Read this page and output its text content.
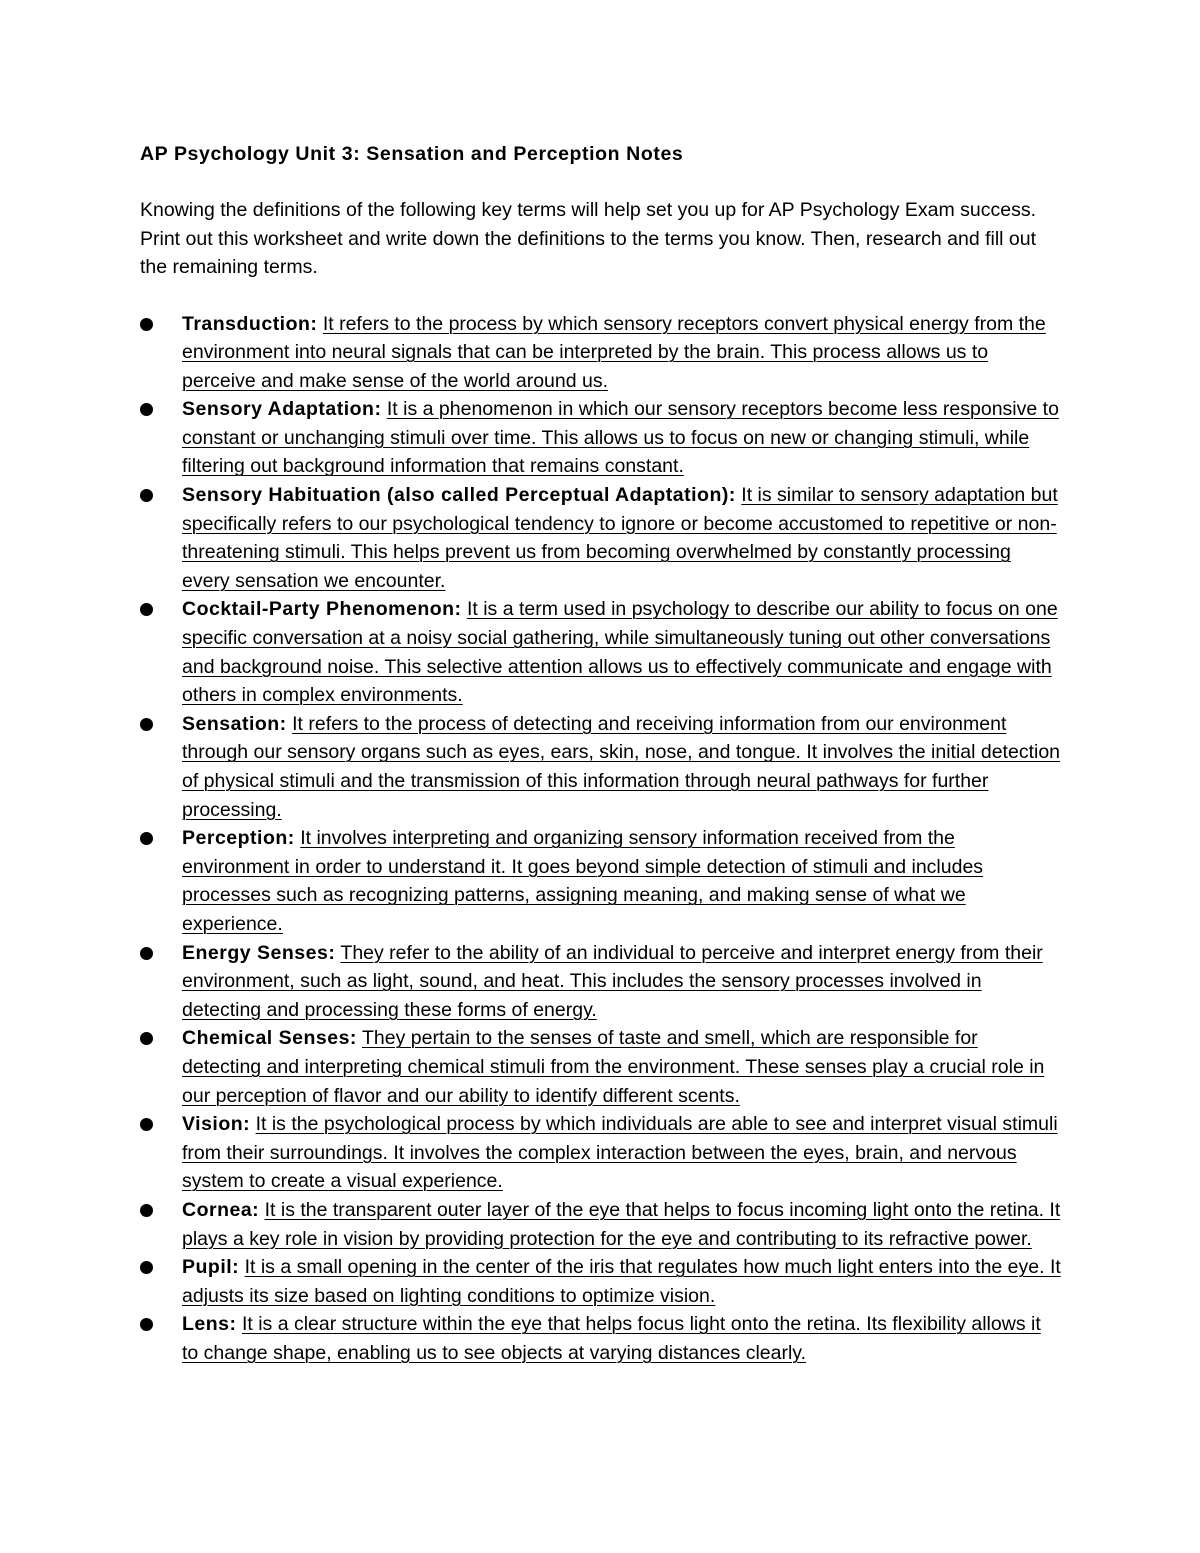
AP Psychology Unit 3: Sensation and Perception Notes
Knowing the definitions of the following key terms will help set you up for AP Psychology Exam success. Print out this worksheet and write down the definitions to the terms you know. Then, research and fill out the remaining terms.
Transduction: It refers to the process by which sensory receptors convert physical energy from the environment into neural signals that can be interpreted by the brain. This process allows us to perceive and make sense of the world around us.
Sensory Adaptation: It is a phenomenon in which our sensory receptors become less responsive to constant or unchanging stimuli over time. This allows us to focus on new or changing stimuli, while filtering out background information that remains constant.
Sensory Habituation (also called Perceptual Adaptation): It is similar to sensory adaptation but specifically refers to our psychological tendency to ignore or become accustomed to repetitive or non-threatening stimuli. This helps prevent us from becoming overwhelmed by constantly processing every sensation we encounter.
Cocktail-Party Phenomenon: It is a term used in psychology to describe our ability to focus on one specific conversation at a noisy social gathering, while simultaneously tuning out other conversations and background noise. This selective attention allows us to effectively communicate and engage with others in complex environments.
Sensation: It refers to the process of detecting and receiving information from our environment through our sensory organs such as eyes, ears, skin, nose, and tongue. It involves the initial detection of physical stimuli and the transmission of this information through neural pathways for further processing.
Perception: It involves interpreting and organizing sensory information received from the environment in order to understand it. It goes beyond simple detection of stimuli and includes processes such as recognizing patterns, assigning meaning, and making sense of what we experience.
Energy Senses: They refer to the ability of an individual to perceive and interpret energy from their environment, such as light, sound, and heat. This includes the sensory processes involved in detecting and processing these forms of energy.
Chemical Senses: They pertain to the senses of taste and smell, which are responsible for detecting and interpreting chemical stimuli from the environment. These senses play a crucial role in our perception of flavor and our ability to identify different scents.
Vision: It is the psychological process by which individuals are able to see and interpret visual stimuli from their surroundings. It involves the complex interaction between the eyes, brain, and nervous system to create a visual experience.
Cornea: It is the transparent outer layer of the eye that helps to focus incoming light onto the retina. It plays a key role in vision by providing protection for the eye and contributing to its refractive power.
Pupil: It is a small opening in the center of the iris that regulates how much light enters into the eye. It adjusts its size based on lighting conditions to optimize vision.
Lens: It is a clear structure within the eye that helps focus light onto the retina. Its flexibility allows it to change shape, enabling us to see objects at varying distances clearly.
